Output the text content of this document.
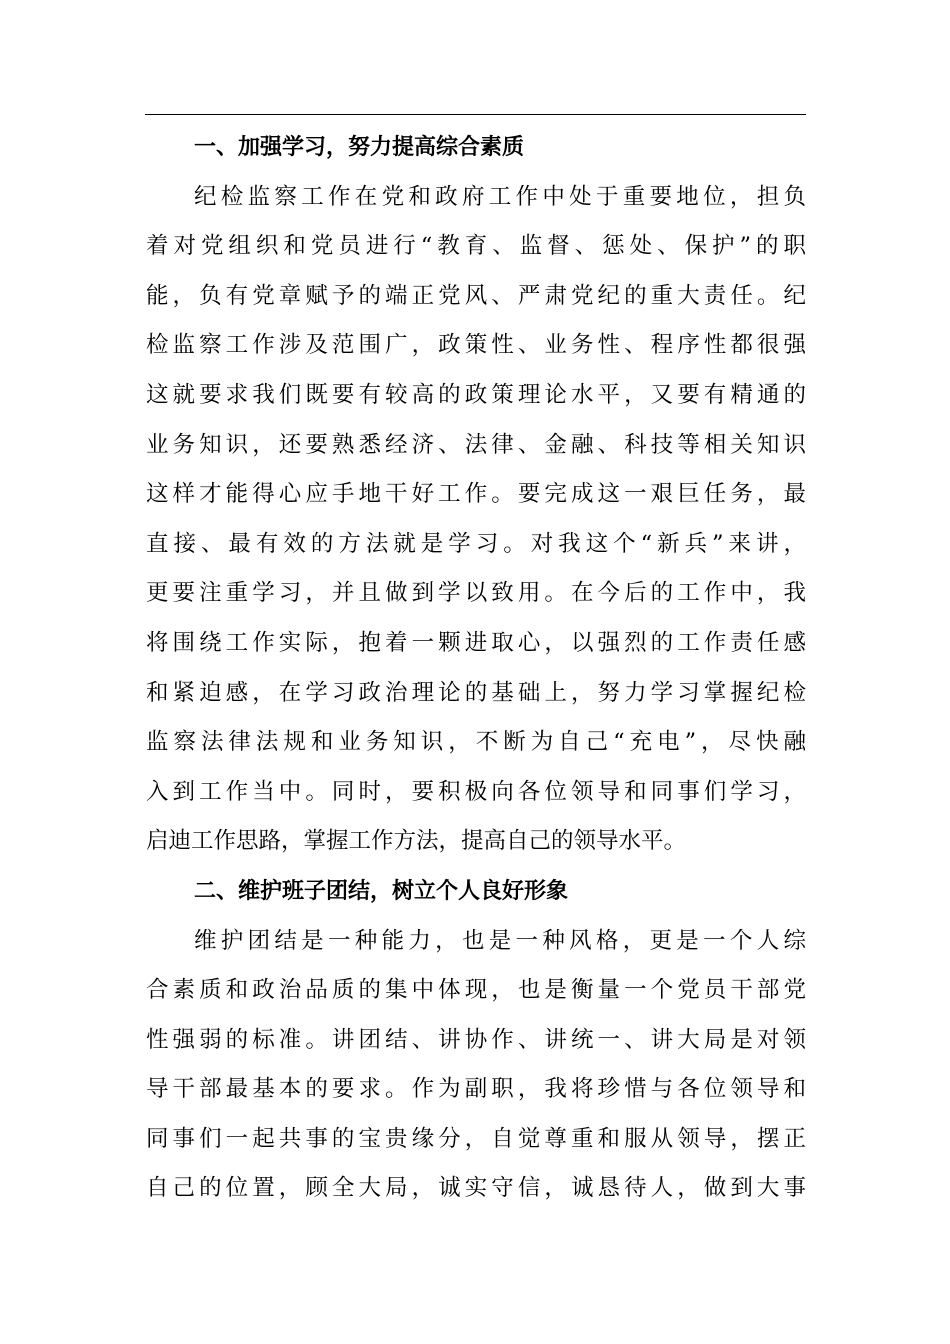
一、加强学习，努力提高综合素质
纪检监察工作在党和政府工作中处于重要地位，担负
着对党组织和党员进行“教育、监督、惩处、保护”的职
能，负有党章赋予的端正党风、严肃党纪的重大责任。纪
检监察工作涉及范围广，政策性、业务性、程序性都很强
这就要求我们既要有较高的政策理论水平，又要有精通的
业务知识，还要熟悉经济、法律、金融、科技等相关知识
这样才能得心应手地干好工作。要完成这一艰巨任务，最
直接、最有效的方法就是学习。对我这个“新兵”来讲，
更要注重学习，并且做到学以致用。在今后的工作中，我
将围绕工作实际，抱着一颗进取心，以强烈的工作责任感
和紧迫感，在学习政治理论的基础上，努力学习掌握纪检
监察法律法规和业务知识，不断为自己“充电”，尽快融
入到工作当中。同时，要积极向各位领导和同事们学习，
启迪工作思路，掌握工作方法，提高自己的领导水平。
二、维护班子团结，树立个人良好形象
维护团结是一种能力，也是一种风格，更是一个人综
合素质和政治品质的集中体现，也是衡量一个党员干部党
性强弱的标准。讲团结、讲协作、讲统一、讲大局是对领
导干部最基本的要求。作为副职，我将珍惜与各位领导和
同事们一起共事的宝贵缘分，自觉尊重和服从领导，摆正
自己的位置，顾全大局，诚实守信，诚恳待人，做到大事
